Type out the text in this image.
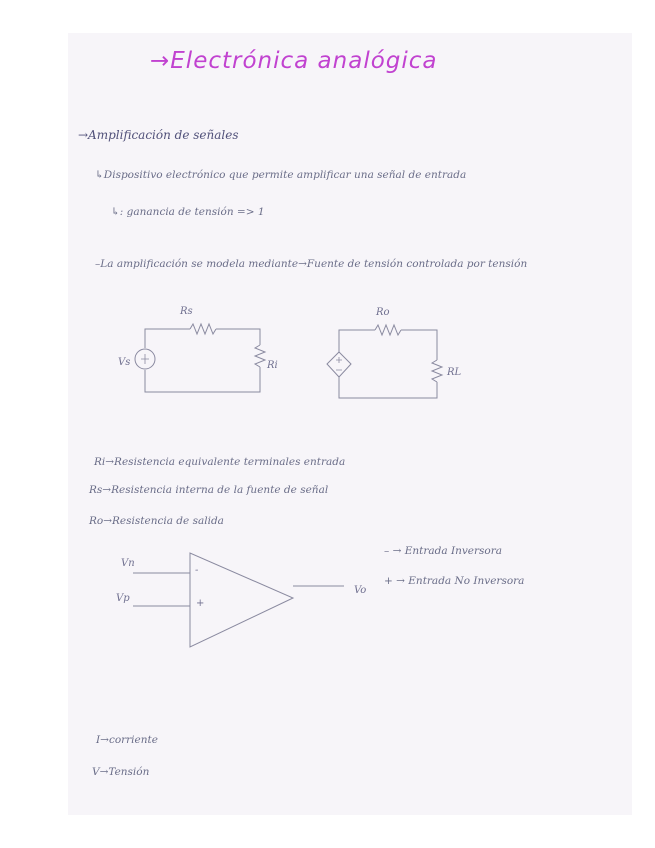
→Electrónica analógica
→Amplificación de señales
↳Dispositivo electrónico que permite amplificar una señal de entrada
↳: ganancia de tensión => 1
–La amplificación se modela mediante→Fuente de tensión controlada por tensión
Rs
Ri
Vs
Ro
RL
Ri→Resistencia equivalente terminales entrada
Rs→Resistencia interna de la fuente de señal
Ro→Resistencia de salida
Vn
Vp
-
+
Vo
– → Entrada Inversora
+ → Entrada No Inversora
I→corriente
V→Tensión
